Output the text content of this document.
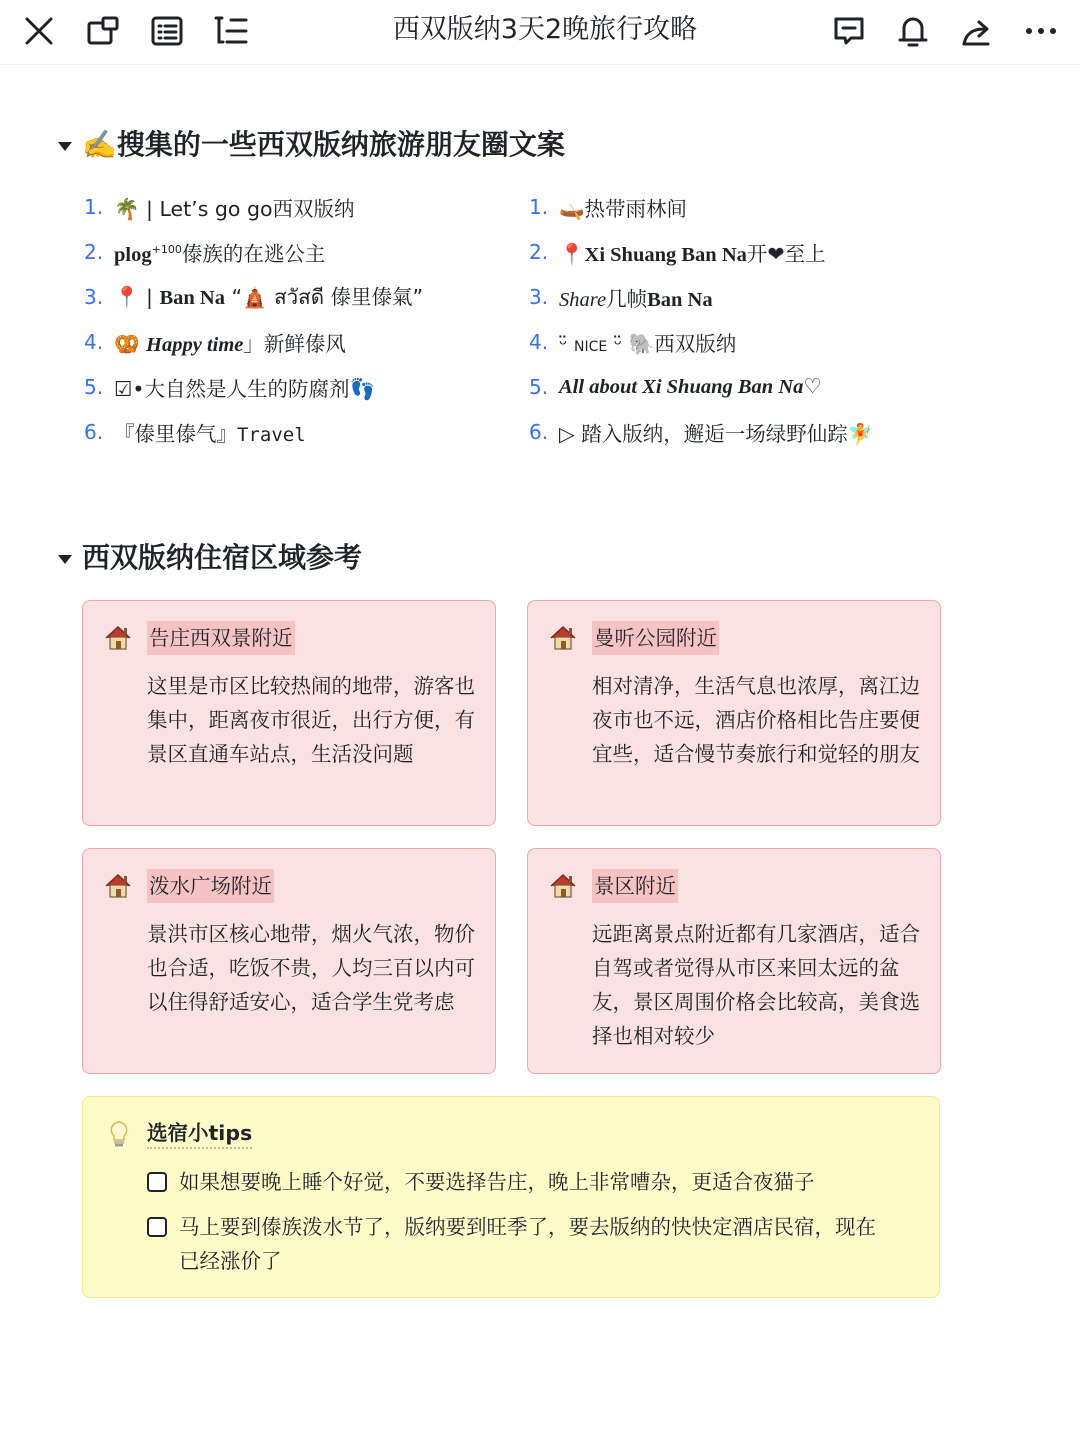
西双版纳3天2晚旅行攻略
✍️ 搜集的一些西双版纳旅游朋友圈文案
1. 🌴 | Let’s go go西双版纳
2. plog$^{+100}$傣族的在逃公主
3. 📍 | Ban Na “🛕 สวัสดี 傣里傣氣”
4. 🥨 Happy time」新鲜傣风
5. ☑•大自然是人生的防腐剂👣
6. 『傣里傣气』Travel
1. 🛶热带雨林间
2. 📍Xi Shuang Ban Na开❤至上
3. Share几帧Ban Na
4. ᵕ̈ NICE ᵕ̈ 🐘西双版纳
5. All about Xi Shuang Ban Na♡
6. ▷ 踏入版纳，邂逅一场绿野仙踪🧚
西双版纳住宿区域参考
告庄西双景附近
这里是市区比较热闹的地带，游客也集中，距离夜市很近，出行方便，有景区直通车站点，生活没问题
曼听公园附近
相对清净，生活气息也浓厚，离江边夜市也不远，酒店价格相比告庄要便宜些，适合慢节奏旅行和觉轻的朋友
泼水广场附近
景洪市区核心地带，烟火气浓，物价也合适，吃饭不贵，人均三百以内可以住得舒适安心，适合学生党考虑
景区附近
远距离景点附近都有几家酒店，适合自驾或者觉得从市区来回太远的盆友，景区周围价格会比较高，美食选择也相对较少
选宿小tips
如果想要晚上睡个好觉，不要选择告庄，晚上非常嘈杂，更适合夜猫子
马上要到傣族泼水节了，版纳要到旺季了，要去版纳的快快定酒店民宿，现在已经涨价了
